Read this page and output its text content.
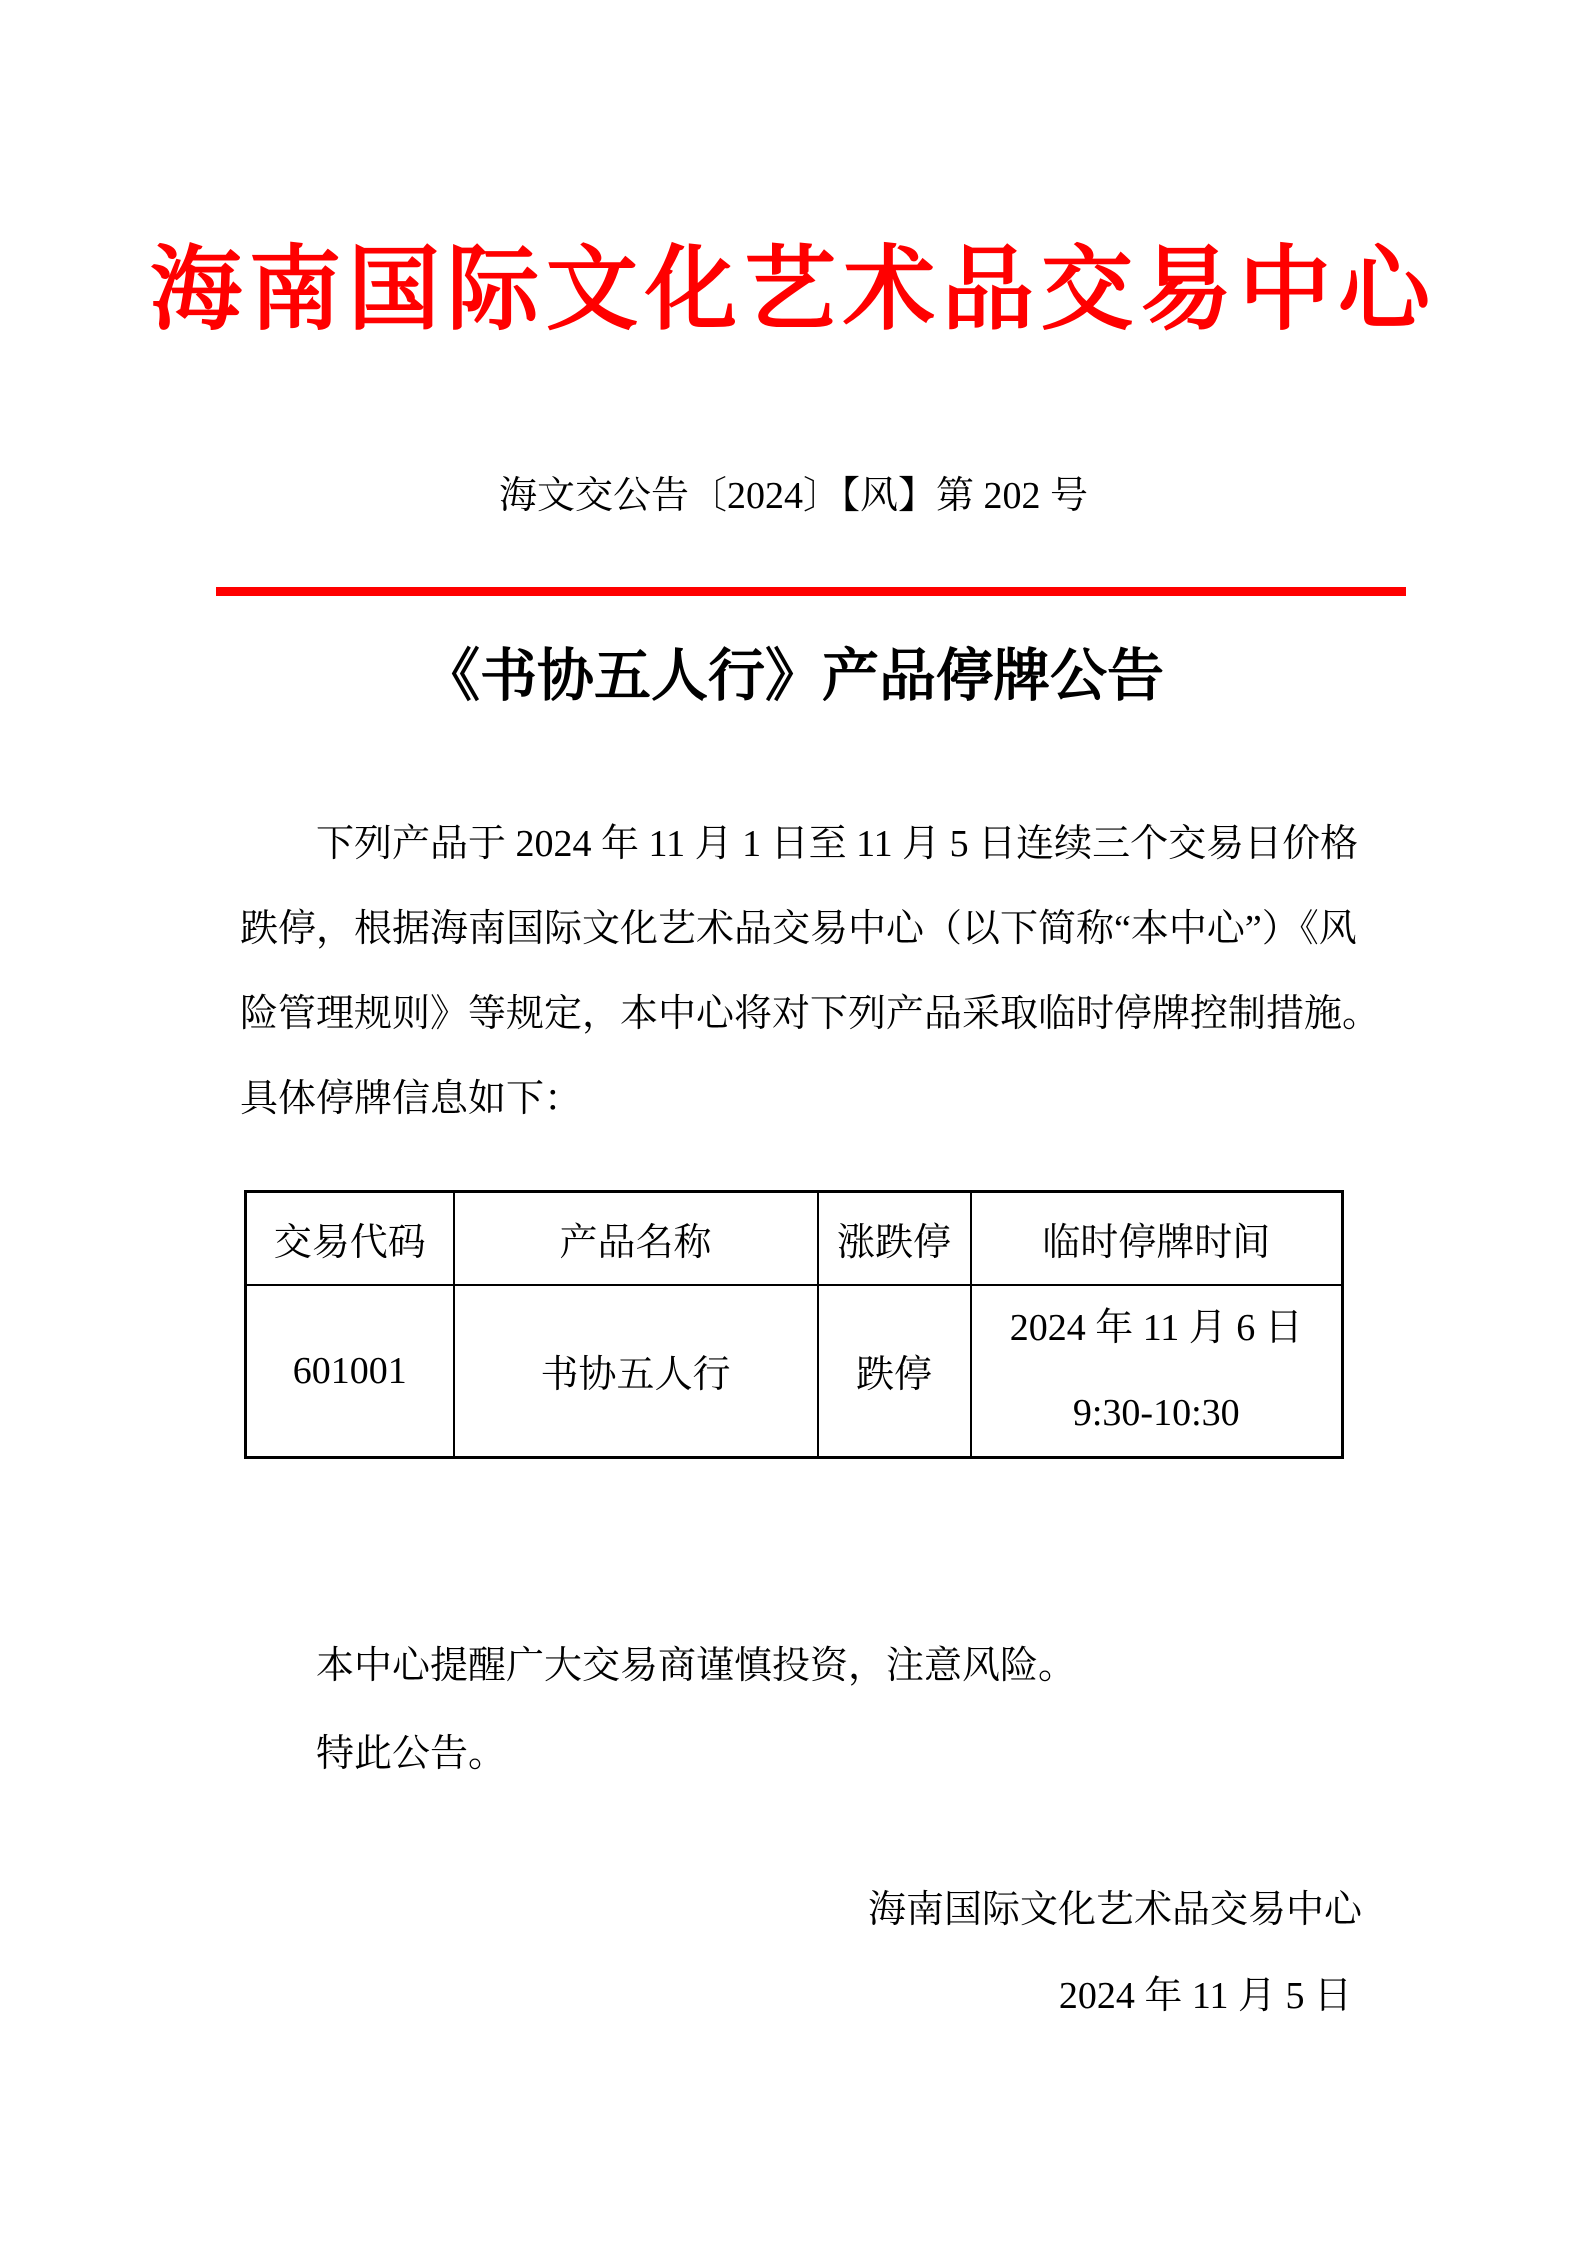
海南国际文化艺术品交易中心
海文交公告〔2024〕【风】第 202 号
《书协五人行》产品停牌公告
下列产品于 2024 年 11 月 1 日至 11 月 5 日连续三个交易日价格
跌停，根据海南国际文化艺术品交易中心（以下简称“本中心”）《风
险管理规则》等规定，本中心将对下列产品采取临时停牌控制措施。
具体停牌信息如下：
交易代码	产品名称	涨跌停	临时停牌时间
601001	书协五人行	跌停	2024 年 11 月 6 日
9:30-10:30
本中心提醒广大交易商谨慎投资，注意风险。
特此公告。
海南国际文化艺术品交易中心
2024 年 11 月 5 日
